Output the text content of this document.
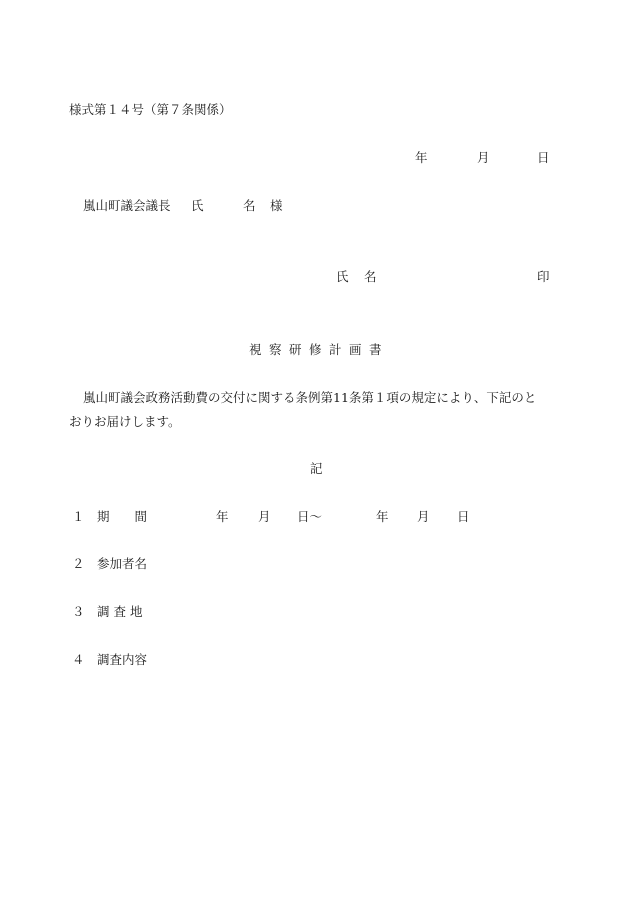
様式第１４号（第７条関係）
年	月	日
嵐山町議会議長 氏	名 様
氏 名	印
視察研修計画書
嵐山町議会政務活動費の交付に関する条例第11条第１項の規定により、下記のと
おりお届けします。
記
１ 期　　間	年 月 日〜	年 月 日
２ 参加者名
３ 調 査 地
４ 調査内容
